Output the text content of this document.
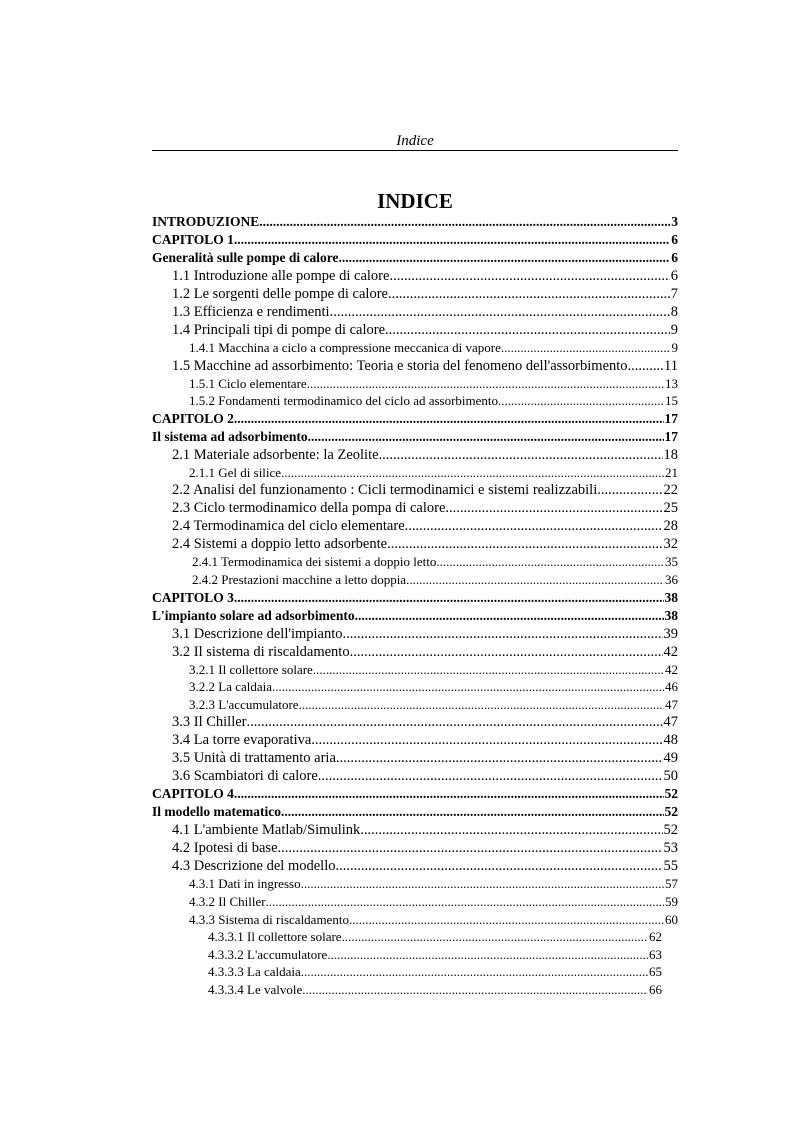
Indice
INDICE
INTRODUZIONE .....	3
CAPITOLO 1 .....	6
Generalità sulle pompe di calore .....	6
1.1 Introduzione alle pompe di calore .....	6
1.2 Le sorgenti delle pompe di calore .....	7
1.3 Efficienza e rendimenti .....	8
1.4 Principali tipi di pompe di calore .....	9
1.4.1 Macchina a ciclo a compressione meccanica di vapore .....	9
1.5 Macchine ad assorbimento: Teoria e storia del fenomeno dell'assorbimento .....	11
1.5.1 Ciclo elementare .....	13
1.5.2 Fondamenti termodinamico del ciclo ad assorbimento .....	15
CAPITOLO 2 .....	17
Il sistema ad adsorbimento .....	17
2.1 Materiale adsorbente: la Zeolite .....	18
2.1.1 Gel di silice .....	21
2.2 Analisi del funzionamento : Cicli termodinamici e sistemi realizzabili .....	22
2.3 Ciclo termodinamico della pompa di calore .....	25
2.4 Termodinamica del ciclo elementare .....	28
2.4 Sistemi a doppio letto adsorbente .....	32
2.4.1 Termodinamica dei sistemi a doppio letto .....	35
2.4.2 Prestazioni macchine a letto doppia .....	36
CAPITOLO 3 .....	38
L'impianto solare ad adsorbimento .....	38
3.1 Descrizione dell'impianto .....	39
3.2 Il sistema di riscaldamento .....	42
3.2.1 Il collettore solare .....	42
3.2.2 La caldaia .....	46
3.2.3 L'accumulatore .....	47
3.3 Il Chiller .....	47
3.4 La torre evaporativa .....	48
3.5 Unità di trattamento aria .....	49
3.6 Scambiatori di calore .....	50
CAPITOLO 4 .....	52
Il modello matematico .....	52
4.1 L'ambiente Matlab/Simulink .....	52
4.2 Ipotesi di base .....	53
4.3 Descrizione del modello .....	55
4.3.1 Dati in ingresso .....	57
4.3.2 Il Chiller .....	59
4.3.3 Sistema di riscaldamento .....	60
4.3.3.1 Il collettore solare .....	62
4.3.3.2 L'accumulatore .....	63
4.3.3.3 La caldaia .....	65
4.3.3.4 Le valvole .....	66
